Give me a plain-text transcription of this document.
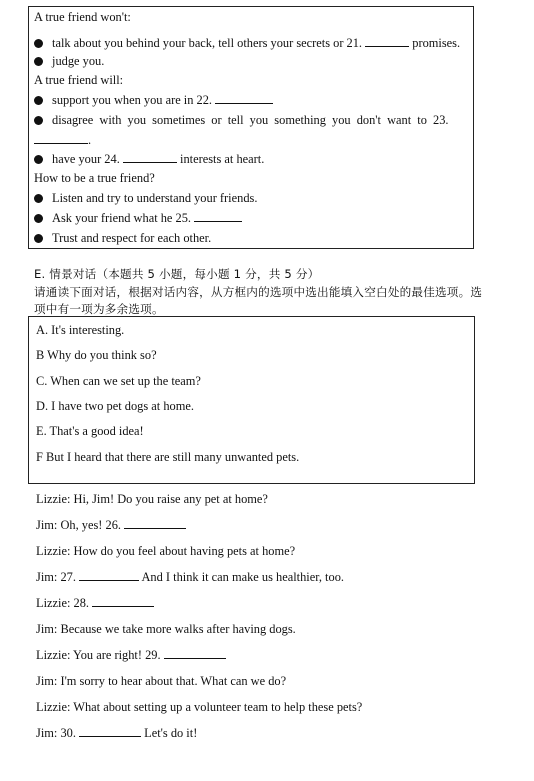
A true friend won't:
talk about you behind your back, tell others your secrets or 21.	promises.
judge you.
A true friend will:
support you when you are in 22.
disagree with you sometimes or tell you something you don't want to 23.
.
have your 24.	interests at heart.
How to be a true friend?
Listen and try to understand your friends.
Ask your friend what he 25.
Trust and respect for each other.
E. 情景对话（本题共 5 小题，每小题 1 分，共 5 分）
请通读下面对话，根据对话内容，从方框内的选项中选出能填入空白处的最佳选项。选
项中有一项为多余选项。
A. It's interesting.
B Why do you think so?
C. When can we set up the team?
D. I have two pet dogs at home.
E. That's a good idea!
F But I heard that there are still many unwanted pets.
Lizzie: Hi, Jim! Do you raise any pet at home?
Jim: Oh, yes! 26.
Lizzie: How do you feel about having pets at home?
Jim: 27.	And I think it can make us healthier, too.
Lizzie: 28.
Jim: Because we take more walks after having dogs.
Lizzie: You are right! 29.
Jim: I'm sorry to hear about that. What can we do?
Lizzie: What about setting up a volunteer team to help these pets?
Jim: 30.	Let's do it!
